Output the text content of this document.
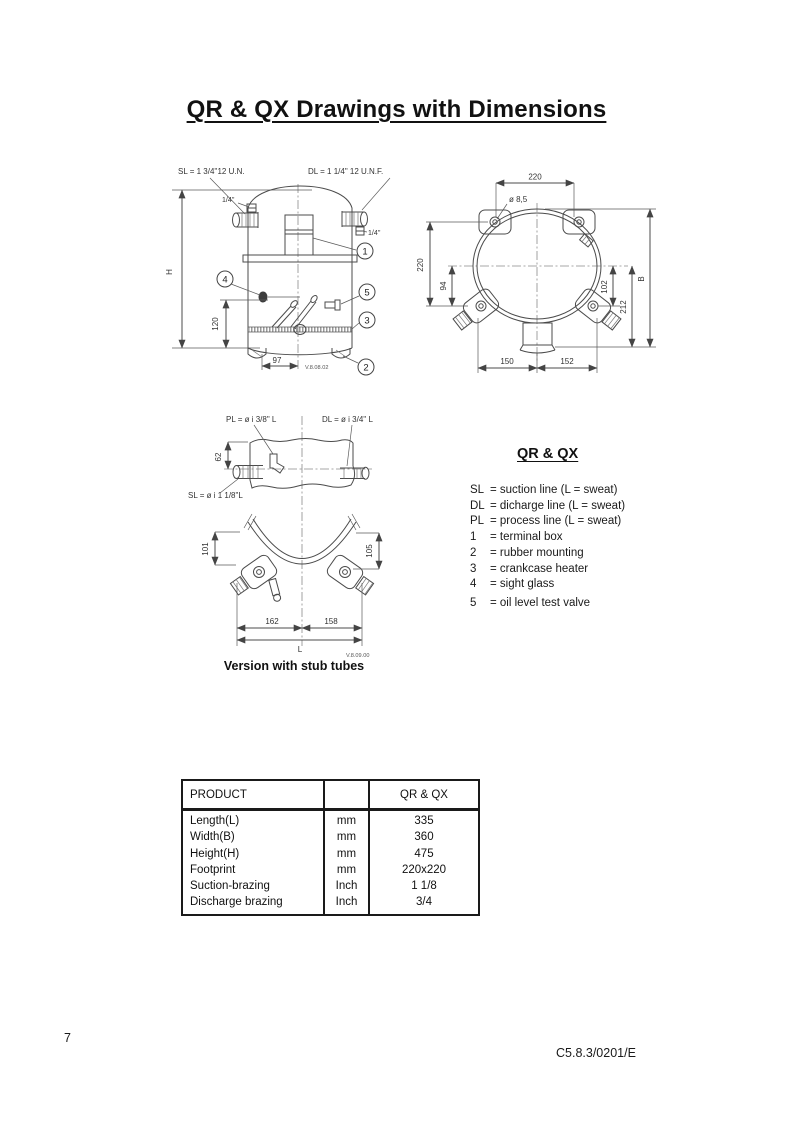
QR & QX Drawings with Dimensions
H
SL = 1 3/4''12 U.N.	DL = 1 1/4" 12 U.N.F.
1/4''
1/4''
1
4
5
3
2
120
97
V.8.08.02
220
ø 8,5
220
94	102
212
B
150	152
PL = ø i 3/8" L	DL = ø i 3/4'' L
SL = ø i 1 1/8"L
62
101	105
162	158
L
V.8.09.00
Version with stub tubes
QR & QX
SL = suction line (L = sweat)
DL = dicharge line (L = sweat)
PL = process line (L = sweat)
1	= terminal box
2	= rubber mounting
3	= crankcase heater
4	= sight glass
5	= oil level test valve
PRODUCT		QR & QX
Length(L)	mm	335
Width(B)	mm	360
Height(H)	mm	475
Footprint	mm	220x220
Suction-brazing	Inch	1 1/8
Discharge brazing	Inch	3/4
7
C5.8.3/0201/E
